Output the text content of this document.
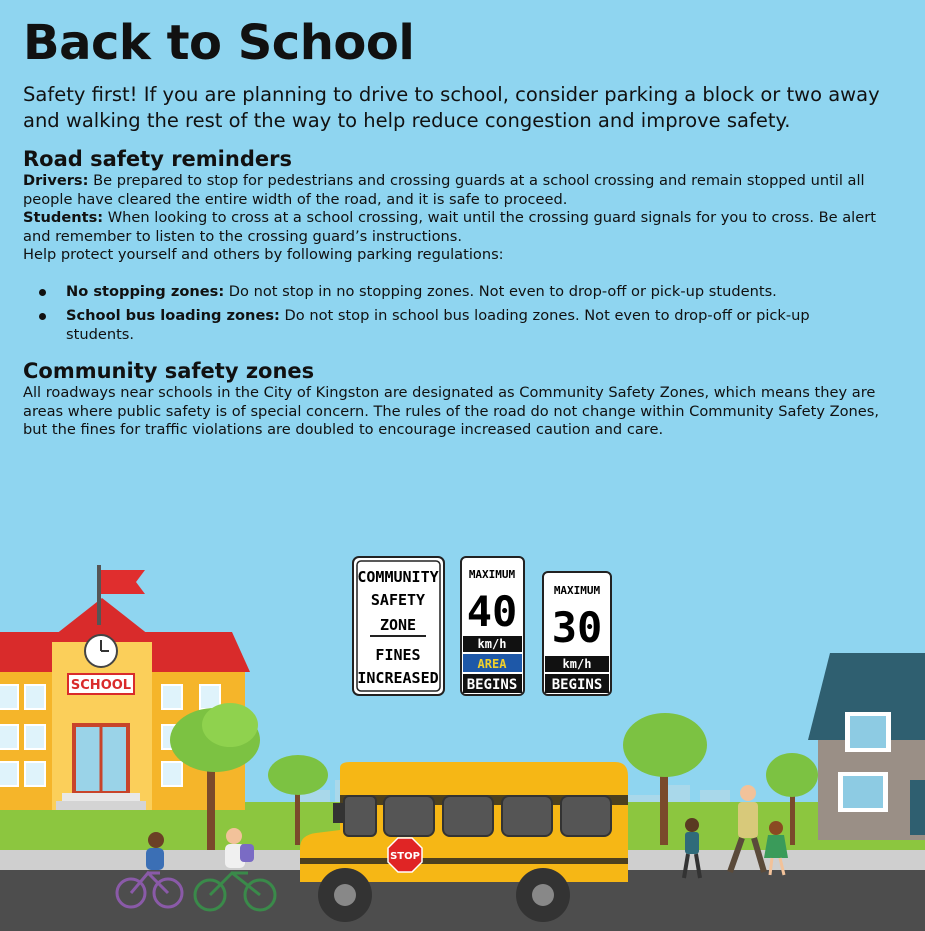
Back to School

Safety first! If you are planning to drive to school, consider parking a block or two away and walking the rest of the way to help reduce congestion and improve safety.

Road safety reminders

Drivers: Be prepared to stop for pedestrians and crossing guards at a school crossing and remain stopped until all people have cleared the entire width of the road, and it is safe to proceed.

Students: When looking to cross at a school crossing, wait until the crossing guard signals for you to cross. Be alert and remember to listen to the crossing guard’s instructions.

Help protect yourself and others by following parking regulations:

No stopping zones: Do not stop in no stopping zones. Not even to drop-off or pick-up students.
School bus loading zones: Do not stop in school bus loading zones. Not even to drop-off or pick-up students.
Community safety zones

All roadways near schools in the City of Kingston are designated as Community Safety Zones, which means they are areas where public safety is of special concern. The rules of the road do not change within Community Safety Zones, but the fines for traffic violations are doubled to encourage increased caution and care.

SCHOOL
COMMUNITY
SAFETY
ZONE
FINES
INCREASED
MAXIMUM
40
km/h
AREA
BEGINS
MAXIMUM
30
km/h
BEGINS
STOP
